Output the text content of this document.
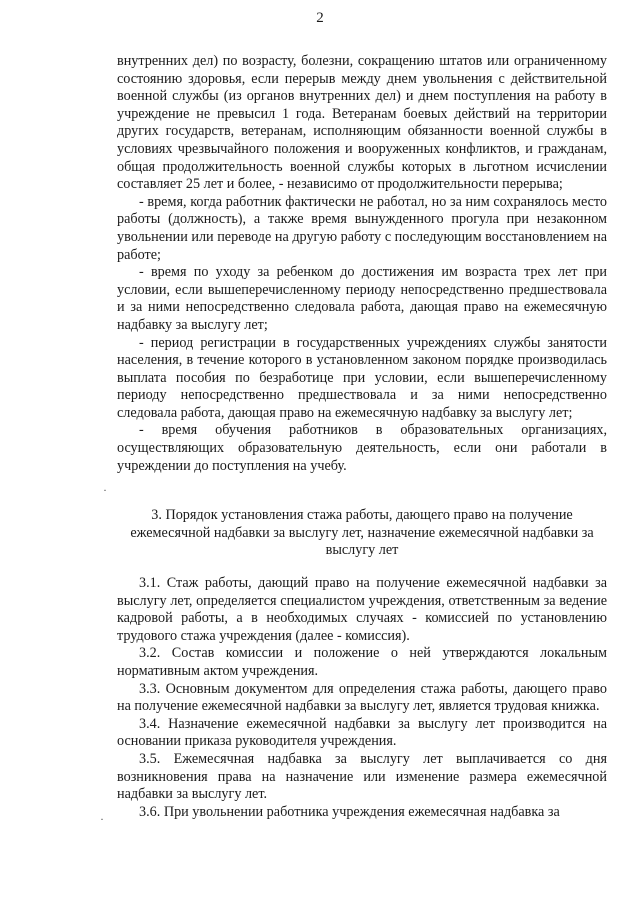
2

внутренних дел) по возрасту, болезни, сокращению штатов или ограниченному состоянию здоровья, если перерыв между днем увольнения с действительной военной службы (из органов внутренних дел) и днем поступления на работу в учреждение не превысил 1 года. Ветеранам боевых действий на территории других государств, ветеранам, исполняющим обязанности военной службы в условиях чрезвычайного положения и вооруженных конфликтов, и гражданам, общая продолжительность военной службы которых в льготном исчислении составляет 25 лет и более, - независимо от продолжительности перерыва;

- время, когда работник фактически не работал, но за ним сохранялось место работы (должность), а также время вынужденного прогула при незаконном увольнении или переводе на другую работу с последующим восстановлением на работе;

- время по уходу за ребенком до достижения им возраста трех лет при условии, если вышеперечисленному периоду непосредственно предшествовала и за ними непосредственно следовала работа, дающая право на ежемесячную надбавку за выслугу лет;

- период регистрации в государственных учреждениях службы занятости населения, в течение которого в установленном законом порядке производилась выплата пособия по безработице при условии, если вышеперечисленному периоду непосредственно предшествовала и за ними непосредственно следовала работа, дающая право на ежемесячную надбавку за выслугу лет;

- время обучения работников в образовательных организациях, осуществляющих образовательную деятельность, если они работали в учреждении до поступления на учебу.

3. Порядок установления стажа работы, дающего право на получение ежемесячной надбавки за выслугу лет, назначение ежемесячной надбавки за выслугу лет

3.1. Стаж работы, дающий право на получение ежемесячной надбавки за выслугу лет, определяется специалистом учреждения, ответственным за ведение кадровой работы, а в необходимых случаях - комиссией по установлению трудового стажа учреждения (далее - комиссия).

3.2. Состав комиссии и положение о ней утверждаются локальным нормативным актом учреждения.

3.3. Основным документом для определения стажа работы, дающего право на получение ежемесячной надбавки за выслугу лет, является трудовая книжка.

3.4. Назначение ежемесячной надбавки за выслугу лет производится на основании приказа руководителя учреждения.

3.5. Ежемесячная надбавка за выслугу лет выплачивается со дня возникновения права на назначение или изменение размера ежемесячной надбавки за выслугу лет.

3.6. При увольнении работника учреждения ежемесячная надбавка за

·
·
